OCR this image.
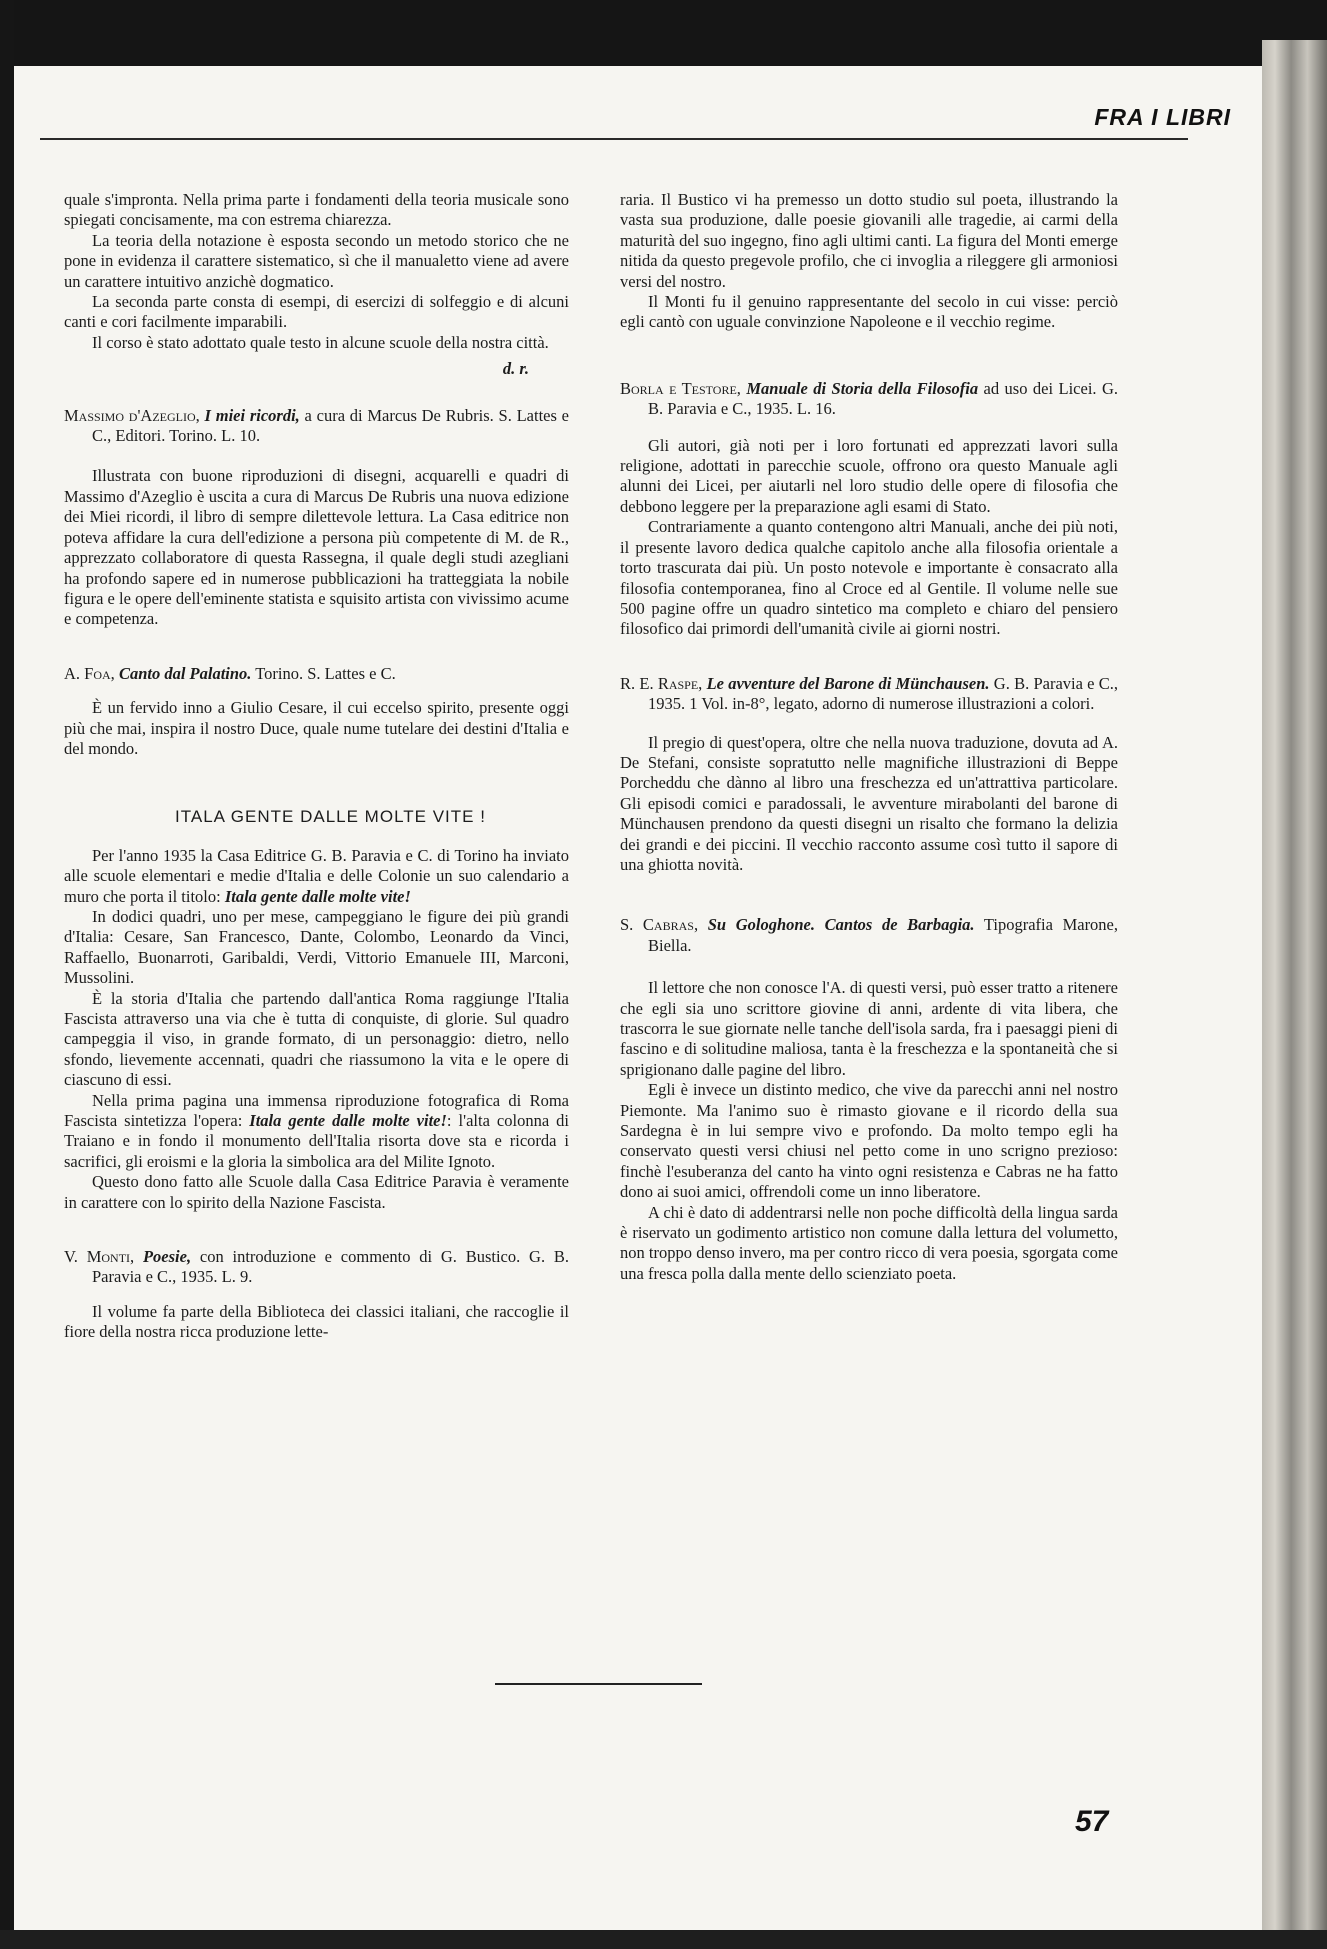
FRA I LIBRI

quale s'impronta. Nella prima parte i fondamenti della teoria musicale sono spiegati concisamente, ma con estrema chiarezza.

La teoria della notazione è esposta secondo un metodo storico che ne pone in evidenza il carattere sistematico, sì che il manualetto viene ad avere un carattere intuitivo anzichè dogmatico.

La seconda parte consta di esempi, di esercizi di solfeggio e di alcuni canti e cori facilmente imparabili.

Il corso è stato adottato quale testo in alcune scuole della nostra città.

d. r.

Massimo d'Azeglio, I miei ricordi, a cura di Marcus De Rubris. S. Lattes e C., Editori. Torino. L. 10.

Illustrata con buone riproduzioni di disegni, acquarelli e quadri di Massimo d'Azeglio è uscita a cura di Marcus De Rubris una nuova edizione dei Miei ricordi, il libro di sempre dilettevole lettura. La Casa editrice non poteva affidare la cura dell'edizione a persona più competente di M. de R., apprezzato collaboratore di questa Rassegna, il quale degli studi azegliani ha profondo sapere ed in numerose pubblicazioni ha tratteggiata la nobile figura e le opere dell'eminente statista e squisito artista con vivissimo acume e competenza.

A. Foa, Canto dal Palatino. Torino. S. Lattes e C.

È un fervido inno a Giulio Cesare, il cui eccelso spirito, presente oggi più che mai, inspira il nostro Duce, quale nume tutelare dei destini d'Italia e del mondo.

ITALA GENTE DALLE MOLTE VITE !

Per l'anno 1935 la Casa Editrice G. B. Paravia e C. di Torino ha inviato alle scuole elementari e medie d'Italia e delle Colonie un suo calendario a muro che porta il titolo: Itala gente dalle molte vite!

In dodici quadri, uno per mese, campeggiano le figure dei più grandi d'Italia: Cesare, San Francesco, Dante, Colombo, Leonardo da Vinci, Raffaello, Buonarroti, Garibaldi, Verdi, Vittorio Emanuele III, Marconi, Mussolini.

È la storia d'Italia che partendo dall'antica Roma raggiunge l'Italia Fascista attraverso una via che è tutta di conquiste, di glorie. Sul quadro campeggia il viso, in grande formato, di un personaggio: dietro, nello sfondo, lievemente accennati, quadri che riassumono la vita e le opere di ciascuno di essi.

Nella prima pagina una immensa riproduzione fotografica di Roma Fascista sintetizza l'opera: Itala gente dalle molte vite!: l'alta colonna di Traiano e in fondo il monumento dell'Italia risorta dove sta e ricorda i sacrifici, gli eroismi e la gloria la simbolica ara del Milite Ignoto.

Questo dono fatto alle Scuole dalla Casa Editrice Paravia è veramente in carattere con lo spirito della Nazione Fascista.

V. Monti, Poesie, con introduzione e commento di G. Bustico. G. B. Paravia e C., 1935. L. 9.

Il volume fa parte della Biblioteca dei classici italiani, che raccoglie il fiore della nostra ricca produzione lette-

raria. Il Bustico vi ha premesso un dotto studio sul poeta, illustrando la vasta sua produzione, dalle poesie giovanili alle tragedie, ai carmi della maturità del suo ingegno, fino agli ultimi canti. La figura del Monti emerge nitida da questo pregevole profilo, che ci invoglia a rileggere gli armoniosi versi del nostro.

Il Monti fu il genuino rappresentante del secolo in cui visse: perciò egli cantò con uguale convinzione Napoleone e il vecchio regime.

Borla e Testore, Manuale di Storia della Filosofia ad uso dei Licei. G. B. Paravia e C., 1935. L. 16.

Gli autori, già noti per i loro fortunati ed apprezzati lavori sulla religione, adottati in parecchie scuole, offrono ora questo Manuale agli alunni dei Licei, per aiutarli nel loro studio delle opere di filosofia che debbono leggere per la preparazione agli esami di Stato.

Contrariamente a quanto contengono altri Manuali, anche dei più noti, il presente lavoro dedica qualche capitolo anche alla filosofia orientale a torto trascurata dai più. Un posto notevole e importante è consacrato alla filosofia contemporanea, fino al Croce ed al Gentile. Il volume nelle sue 500 pagine offre un quadro sintetico ma completo e chiaro del pensiero filosofico dai primordi dell'umanità civile ai giorni nostri.

R. E. Raspe, Le avventure del Barone di Münchausen. G. B. Paravia e C., 1935. 1 Vol. in-8°, legato, adorno di numerose illustrazioni a colori.

Il pregio di quest'opera, oltre che nella nuova traduzione, dovuta ad A. De Stefani, consiste sopratutto nelle magnifiche illustrazioni di Beppe Porcheddu che dànno al libro una freschezza ed un'attrattiva particolare. Gli episodi comici e paradossali, le avventure mirabolanti del barone di Münchausen prendono da questi disegni un risalto che formano la delizia dei grandi e dei piccini. Il vecchio racconto assume così tutto il sapore di una ghiotta novità.

S. Cabras, Su Gologhone. Cantos de Barbagia. Tipografia Marone, Biella.

Il lettore che non conosce l'A. di questi versi, può esser tratto a ritenere che egli sia uno scrittore giovine di anni, ardente di vita libera, che trascorra le sue giornate nelle tanche dell'isola sarda, fra i paesaggi pieni di fascino e di solitudine maliosa, tanta è la freschezza e la spontaneità che si sprigionano dalle pagine del libro.

Egli è invece un distinto medico, che vive da parecchi anni nel nostro Piemonte. Ma l'animo suo è rimasto giovane e il ricordo della sua Sardegna è in lui sempre vivo e profondo. Da molto tempo egli ha conservato questi versi chiusi nel petto come in uno scrigno prezioso: finchè l'esuberanza del canto ha vinto ogni resistenza e Cabras ne ha fatto dono ai suoi amici, offrendoli come un inno liberatore.

A chi è dato di addentrarsi nelle non poche difficoltà della lingua sarda è riservato un godimento artistico non comune dalla lettura del volumetto, non troppo denso invero, ma per contro ricco di vera poesia, sgorgata come una fresca polla dalla mente dello scienziato poeta.

57
